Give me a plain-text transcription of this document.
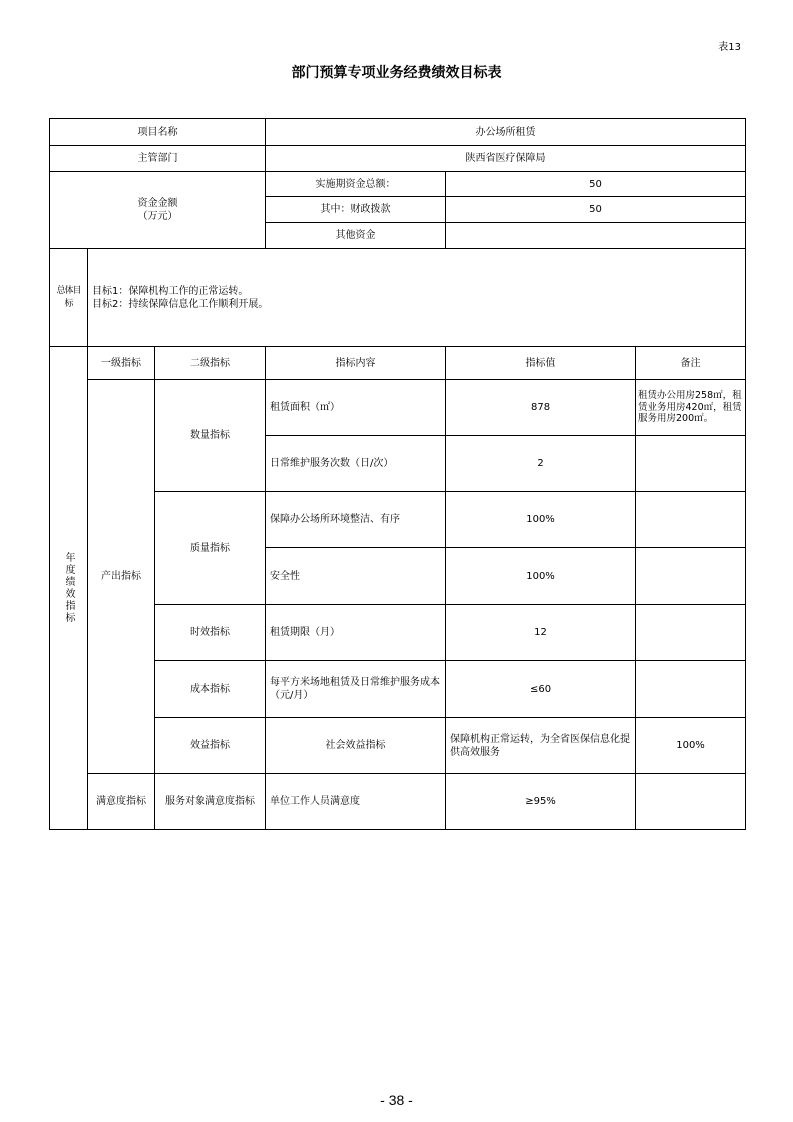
表13
部门预算专项业务经费绩效目标表
项目名称			办公场所租赁			
主管部门			陕西省医疗保障局			

资金金额
（万元）			实施期资金总额：	50		
			其中：财政拨款	50		
			其他资金			
总体目标	目标1：保障机构工作的正常运转。
目标2：持续保障信息化工作顺利开展。					

年度绩效指标	一级指标	二级指标	指标内容	指标值	备注	
	产出指标	数量指标	租赁面积（㎡）	878	租赁办公用房258㎡，租赁业务用房420㎡，租赁服务用房200㎡。	
			日常维护服务次数（日/次）	2		
		质量指标	保障办公场所环境整洁、有序	100%		
			安全性	100%		
		时效指标	租赁期限（月）	12		
		成本指标	每平方米场地租赁及日常维护服务成本（元/月）	≤60		
		效益指标	社会效益指标	保障机构正常运转，为全省医保信息化提供高效服务	100%	
	满意度指标	服务对象满意度指标	单位工作人员满意度	≥95%		
- 38 -
